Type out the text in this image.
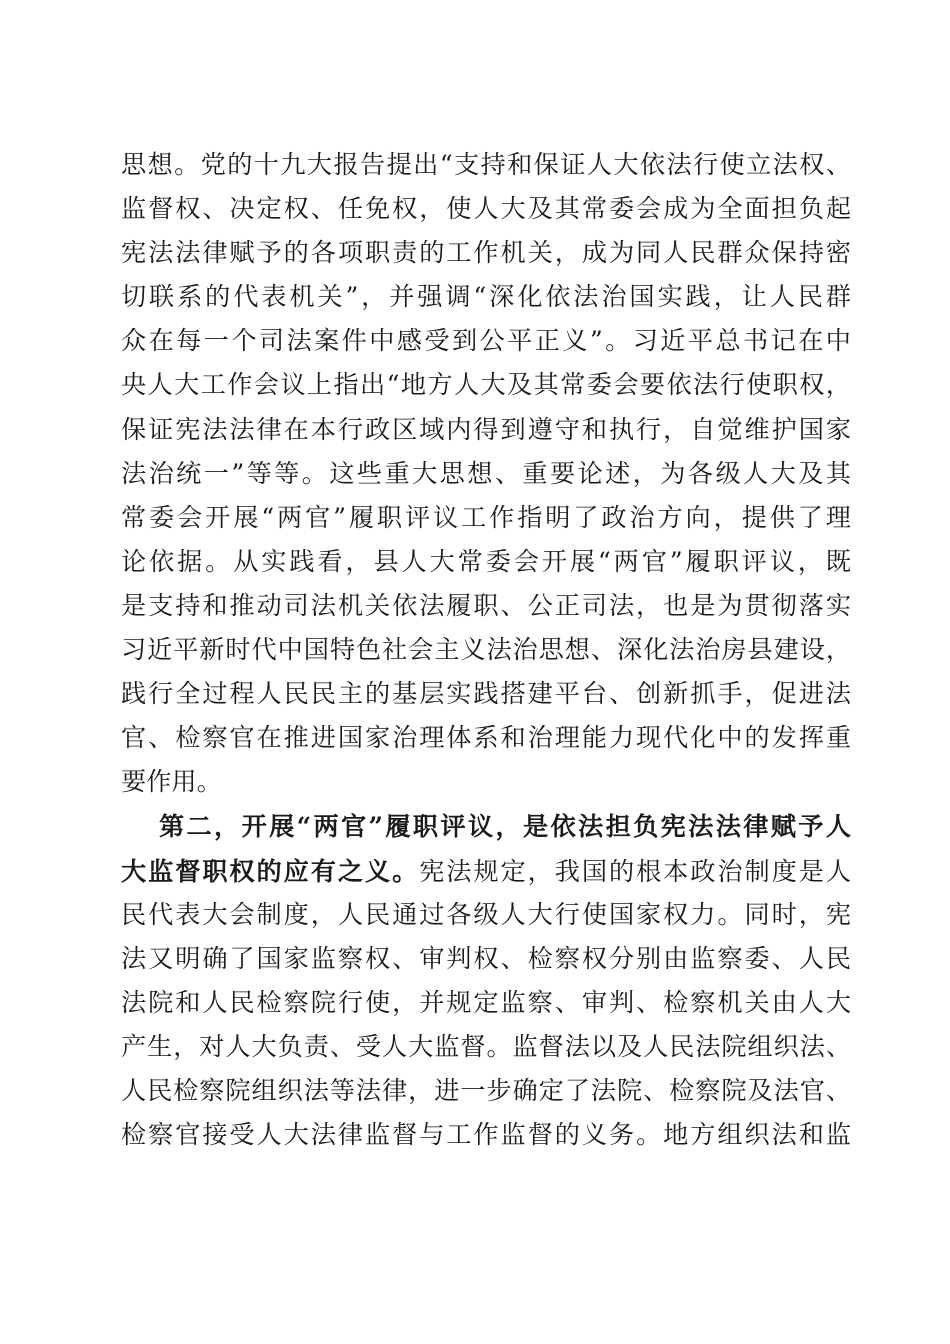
思想。党的十九大报告提出“支持和保证人大依法行使立法权、
监督权、决定权、任免权，使人大及其常委会成为全面担负起
宪法法律赋予的各项职责的工作机关，成为同人民群众保持密
切联系的代表机关”，并强调“深化依法治国实践，让人民群
众在每一个司法案件中感受到公平正义”。习近平总书记在中
央人大工作会议上指出“地方人大及其常委会要依法行使职权，
保证宪法法律在本行政区域内得到遵守和执行，自觉维护国家
法治统一”等等。这些重大思想、重要论述，为各级人大及其
常委会开展“两官”履职评议工作指明了政治方向，提供了理
论依据。从实践看，县人大常委会开展“两官”履职评议，既
是支持和推动司法机关依法履职、公正司法，也是为贯彻落实
习近平新时代中国特色社会主义法治思想、深化法治房县建设，
践行全过程人民民主的基层实践搭建平台、创新抓手，促进法
官、检察官在推进国家治理体系和治理能力现代化中的发挥重
要作用。
第二，开展“两官”履职评议，是依法担负宪法法律赋予人
大监督职权的应有之义。宪法规定，我国的根本政治制度是人
民代表大会制度，人民通过各级人大行使国家权力。同时，宪
法又明确了国家监察权、审判权、检察权分别由监察委、人民
法院和人民检察院行使，并规定监察、审判、检察机关由人大
产生，对人大负责、受人大监督。监督法以及人民法院组织法、
人民检察院组织法等法律，进一步确定了法院、检察院及法官、
检察官接受人大法律监督与工作监督的义务。地方组织法和监
